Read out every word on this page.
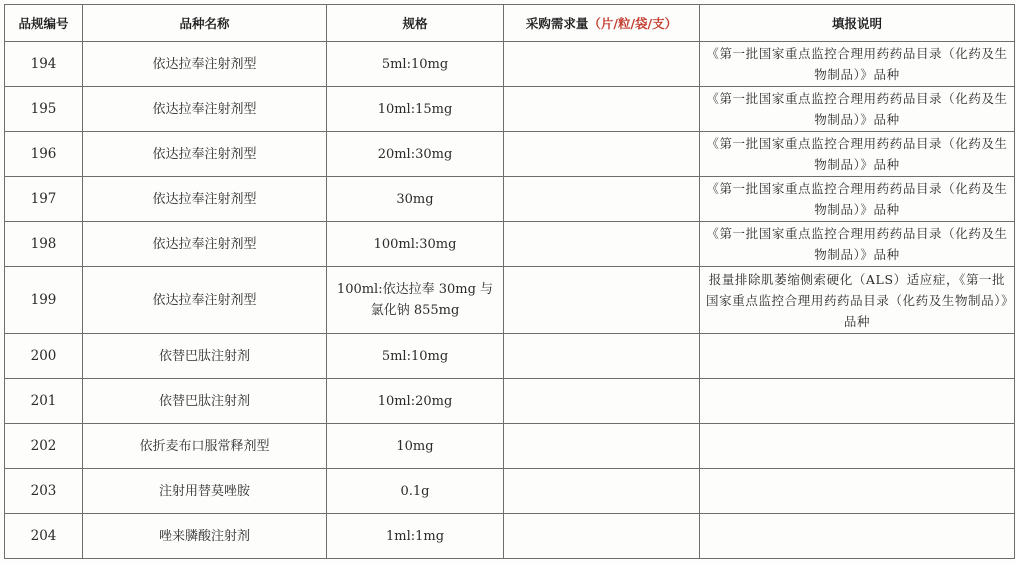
品规编号	品种名称	规格	采购需求量（片/粒/袋/支）	填报说明
194	依达拉奉注射剂型	5ml:10mg		《第一批国家重点监控合理用药药品目录（化药及生物制品）》品种
195	依达拉奉注射剂型	10ml:15mg		《第一批国家重点监控合理用药药品目录（化药及生物制品）》品种
196	依达拉奉注射剂型	20ml:30mg		《第一批国家重点监控合理用药药品目录（化药及生物制品）》品种
197	依达拉奉注射剂型	30mg		《第一批国家重点监控合理用药药品目录（化药及生物制品）》品种
198	依达拉奉注射剂型	100ml:30mg		《第一批国家重点监控合理用药药品目录（化药及生物制品）》品种
199	依达拉奉注射剂型	100ml:依达拉奉 30mg 与氯化钠 855mg		报量排除肌萎缩侧索硬化（ALS）适应症，《第一批国家重点监控合理用药药品目录（化药及生物制品）》品种
200	依替巴肽注射剂	5ml:10mg		
201	依替巴肽注射剂	10ml:20mg		
202	依折麦布口服常释剂型	10mg		
203	注射用替莫唑胺	0.1g		
204	唑来膦酸注射剂	1ml:1mg		
